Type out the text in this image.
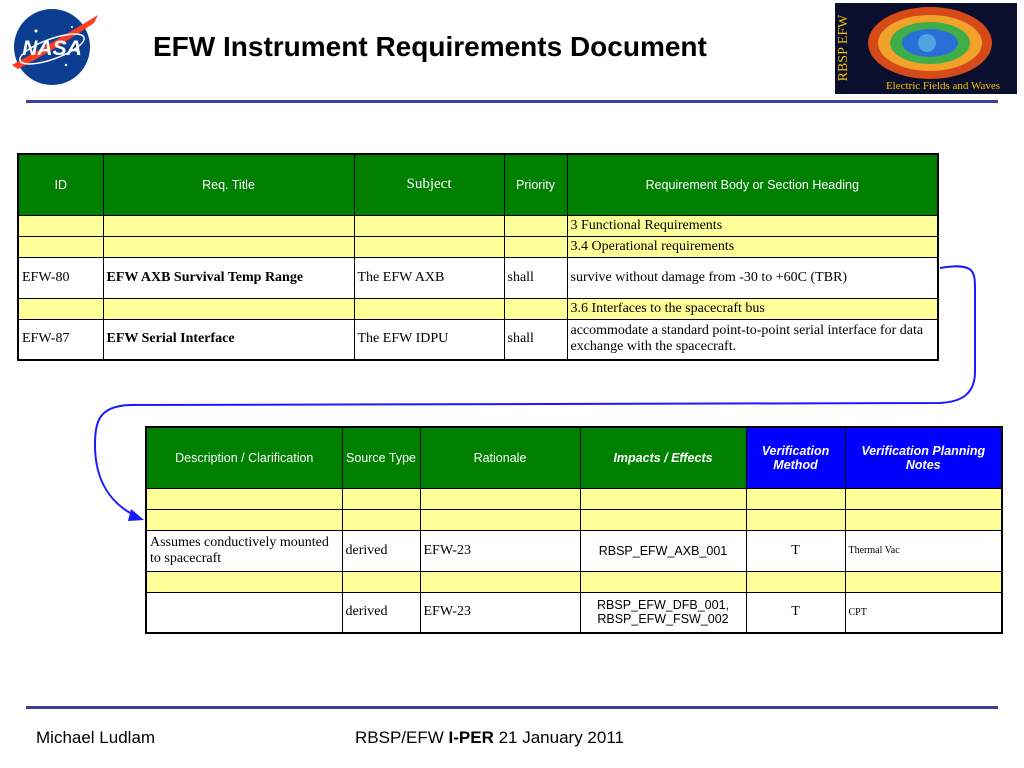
NASA	EFW Instrument Requirements Document	RBSP EFW
Electric Fields and Waves
ID	Req. Title	Subject	Priority	Requirement Body or Section Heading
				3 Functional Requirements
				3.4 Operational requirements
EFW-80	EFW AXB Survival Temp Range	The EFW AXB	shall	survive without damage from -30 to +60C (TBR)
				3.6 Interfaces to the spacecraft bus
EFW-87	EFW Serial Interface	The EFW IDPU	shall	accommodate a standard point-to-point serial interface for data exchange with the spacecraft.
Description / Clarification	Source Type	Rationale	Impacts / Effects	Verification Method	Verification Planning Notes

Assumes conductively mounted to spacecraft	derived	EFW-23	RBSP_EFW_AXB_001	T	Thermal Vac

	derived	EFW-23	RBSP_EFW_DFB_001, RBSP_EFW_FSW_002	T	CPT
Michael Ludlam	RBSP/EFW I-PER 21 January 2011
